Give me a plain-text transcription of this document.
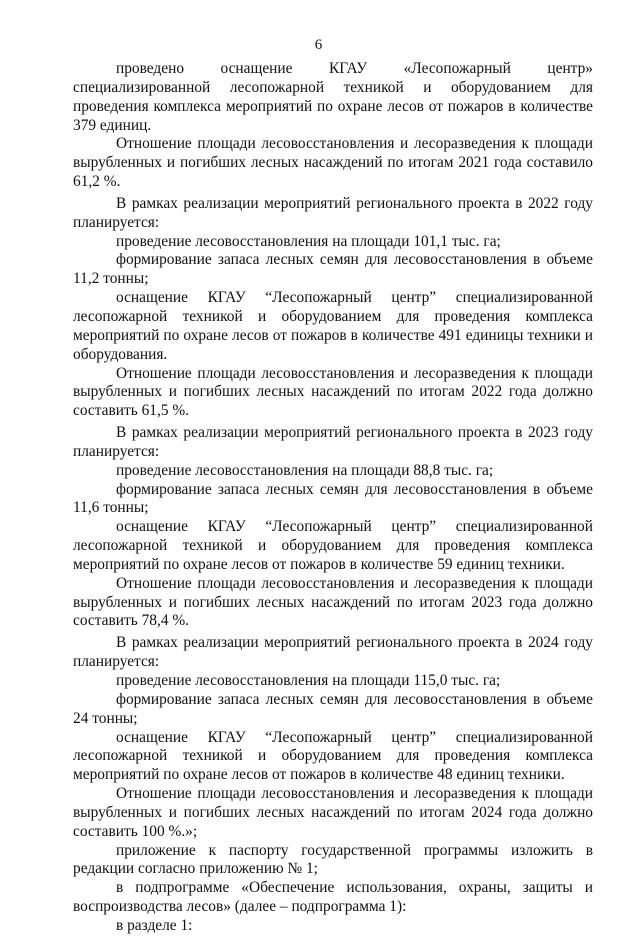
6

проведено оснащение КГАУ «Лесопожарный центр» специализированной лесопожарной техникой и оборудованием для проведения комплекса мероприятий по охране лесов от пожаров в количестве 379 единиц.

Отношение площади лесовосстановления и лесоразведения к площади вырубленных и погибших лесных насаждений по итогам 2021 года составило 61,2 %.

В рамках реализации мероприятий регионального проекта в 2022 году планируется:

проведение лесовосстановления на площади 101,1 тыс. га;

формирование запаса лесных семян для лесовосстановления в объеме 11,2 тонны;

оснащение КГАУ “Лесопожарный центр” специализированной лесопожарной техникой и оборудованием для проведения комплекса мероприятий по охране лесов от пожаров в количестве 491 единицы техники и оборудования.

Отношение площади лесовосстановления и лесоразведения к площади вырубленных и погибших лесных насаждений по итогам 2022 года должно составить 61,5 %.

В рамках реализации мероприятий регионального проекта в 2023 году планируется:

проведение лесовосстановления на площади 88,8 тыс. га;

формирование запаса лесных семян для лесовосстановления в объеме 11,6 тонны;

оснащение КГАУ “Лесопожарный центр” специализированной лесопожарной техникой и оборудованием для проведения комплекса мероприятий по охране лесов от пожаров в количестве 59 единиц техники.

Отношение площади лесовосстановления и лесоразведения к площади вырубленных и погибших лесных насаждений по итогам 2023 года должно составить 78,4 %.

В рамках реализации мероприятий регионального проекта в 2024 году планируется:

проведение лесовосстановления на площади 115,0 тыс. га;

формирование запаса лесных семян для лесовосстановления в объеме 24 тонны;

оснащение КГАУ “Лесопожарный центр” специализированной лесопожарной техникой и оборудованием для проведения комплекса мероприятий по охране лесов от пожаров в количестве 48 единиц техники.

Отношение площади лесовосстановления и лесоразведения к площади вырубленных и погибших лесных насаждений по итогам 2024 года должно составить 100 %.»;

приложение к паспорту государственной программы изложить в редакции согласно приложению № 1;

в подпрограмме «Обеспечение использования, охраны, защиты и воспроизводства лесов» (далее – подпрограмма 1):

в разделе 1:
